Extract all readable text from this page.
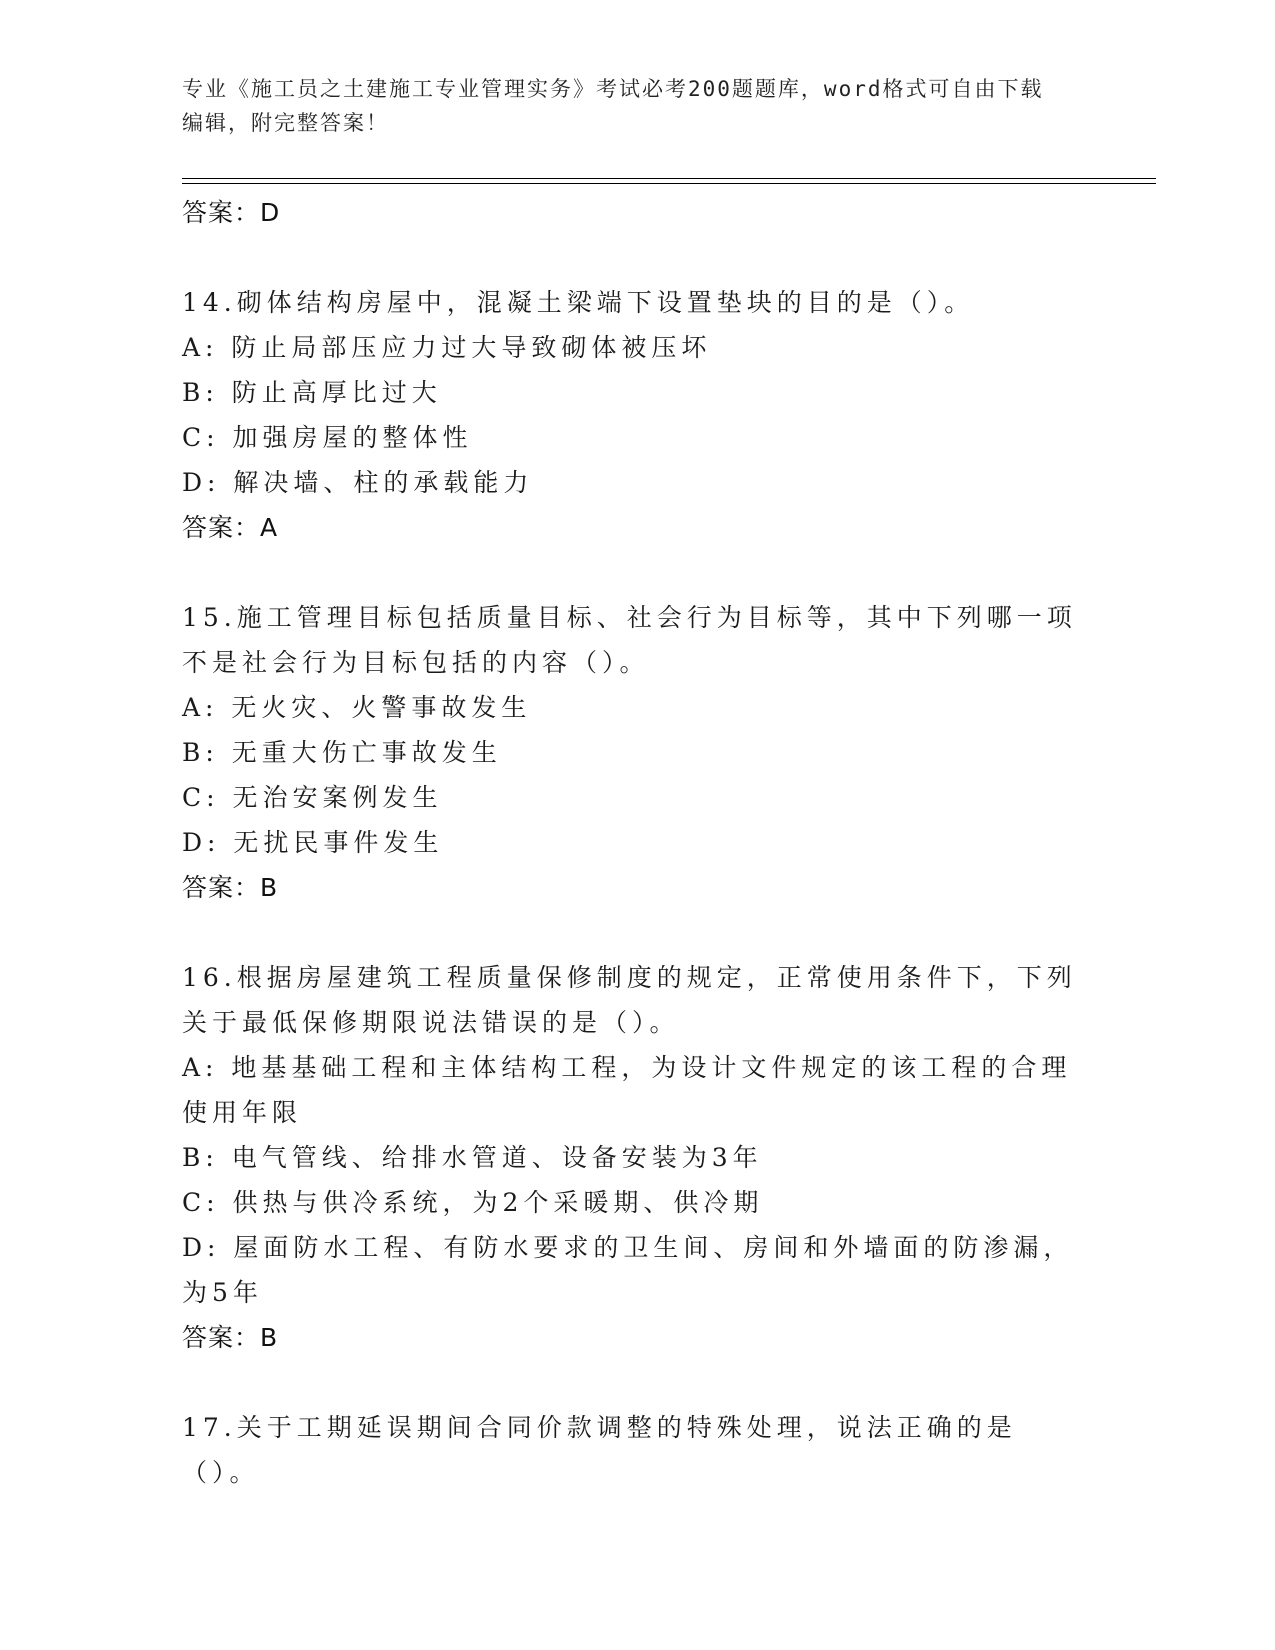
专业《施工员之土建施工专业管理实务》考试必考200题题库，word格式可自由下载编辑，附完整答案！
答案：D

14.砌体结构房屋中，混凝土梁端下设置垫块的目的是（）。

A: 防止局部压应力过大导致砌体被压坏

B: 防止高厚比过大

C: 加强房屋的整体性

D: 解决墙、柱的承载能力

答案：A

15.施工管理目标包括质量目标、社会行为目标等，其中下列哪一项不是社会行为目标包括的内容（）。

A: 无火灾、火警事故发生

B: 无重大伤亡事故发生

C: 无治安案例发生

D: 无扰民事件发生

答案：B

16.根据房屋建筑工程质量保修制度的规定，正常使用条件下，下列关于最低保修期限说法错误的是（）。

A: 地基基础工程和主体结构工程，为设计文件规定的该工程的合理使用年限

B: 电气管线、给排水管道、设备安装为3年

C: 供热与供冷系统，为2个采暖期、供冷期

D: 屋面防水工程、有防水要求的卫生间、房间和外墙面的防渗漏，为5年

答案：B

17.关于工期延误期间合同价款调整的特殊处理，说法正确的是（）。
